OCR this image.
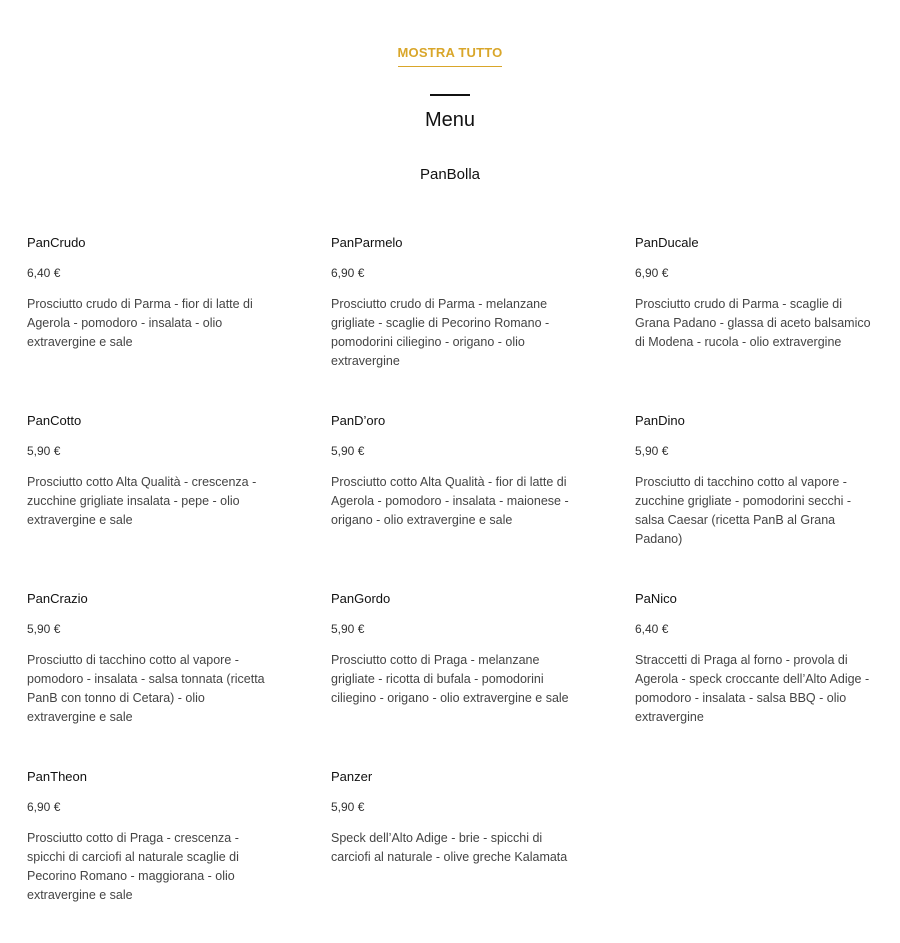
MOSTRA TUTTO
Menu
PanBolla
PanCrudo
6,40 €
Prosciutto crudo di Parma - fior di latte di Agerola - pomodoro - insalata - olio extravergine e sale
PanParmelo
6,90 €
Prosciutto crudo di Parma - melanzane grigliate - scaglie di Pecorino Romano - pomodorini ciliegino - origano - olio extravergine
PanDucale
6,90 €
Prosciutto crudo di Parma - scaglie di Grana Padano - glassa di aceto balsamico di Modena - rucola - olio extravergine
PanCotto
5,90 €
Prosciutto cotto Alta Qualità - crescenza - zucchine grigliate insalata - pepe - olio extravergine e sale
PanD’oro
5,90 €
Prosciutto cotto Alta Qualità - fior di latte di Agerola - pomodoro - insalata - maionese - origano - olio extravergine e sale
PanDino
5,90 €
Prosciutto di tacchino cotto al vapore - zucchine grigliate - pomodorini secchi - salsa Caesar (ricetta PanB al Grana Padano)
PanCrazio
5,90 €
Prosciutto di tacchino cotto al vapore - pomodoro - insalata - salsa tonnata (ricetta PanB con tonno di Cetara) - olio extravergine e sale
PanGordo
5,90 €
Prosciutto cotto di Praga - melanzane grigliate - ricotta di bufala - pomodorini ciliegino - origano - olio extravergine e sale
PaNico
6,40 €
Straccetti di Praga al forno - provola di Agerola - speck croccante dell’Alto Adige - pomodoro - insalata - salsa BBQ - olio extravergine
PanTheon
6,90 €
Prosciutto cotto di Praga - crescenza - spicchi di carciofi al naturale scaglie di Pecorino Romano - maggiorana - olio extravergine e sale
Panzer
5,90 €
Speck dell’Alto Adige - brie - spicchi di carciofi al naturale - olive greche Kalamata
